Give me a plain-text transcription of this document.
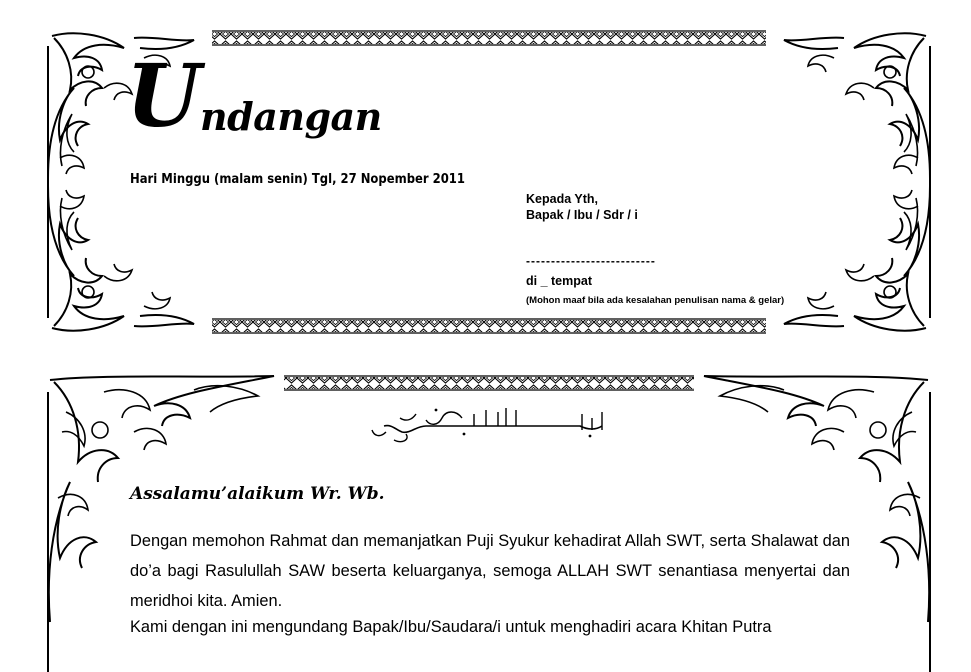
U ndangan
Hari Minggu (malam senin) Tgl, 27 Nopember 2011
Kepada Yth,
Bapak / Ibu / Sdr / i
--------------------------
di _ tempat
(Mohon maaf bila ada kesalahan penulisan nama & gelar)
Assalamu’alaikum Wr. Wb.
Dengan memohon Rahmat dan memanjatkan Puji Syukur kehadirat Allah SWT, serta Shalawat dan do’a bagi Rasulullah SAW beserta keluarganya, semoga ALLAH SWT senantiasa menyertai dan meridhoi kita. Amien.
Kami dengan ini mengundang Bapak/Ibu/Saudara/i untuk menghadiri acara Khitan Putra
